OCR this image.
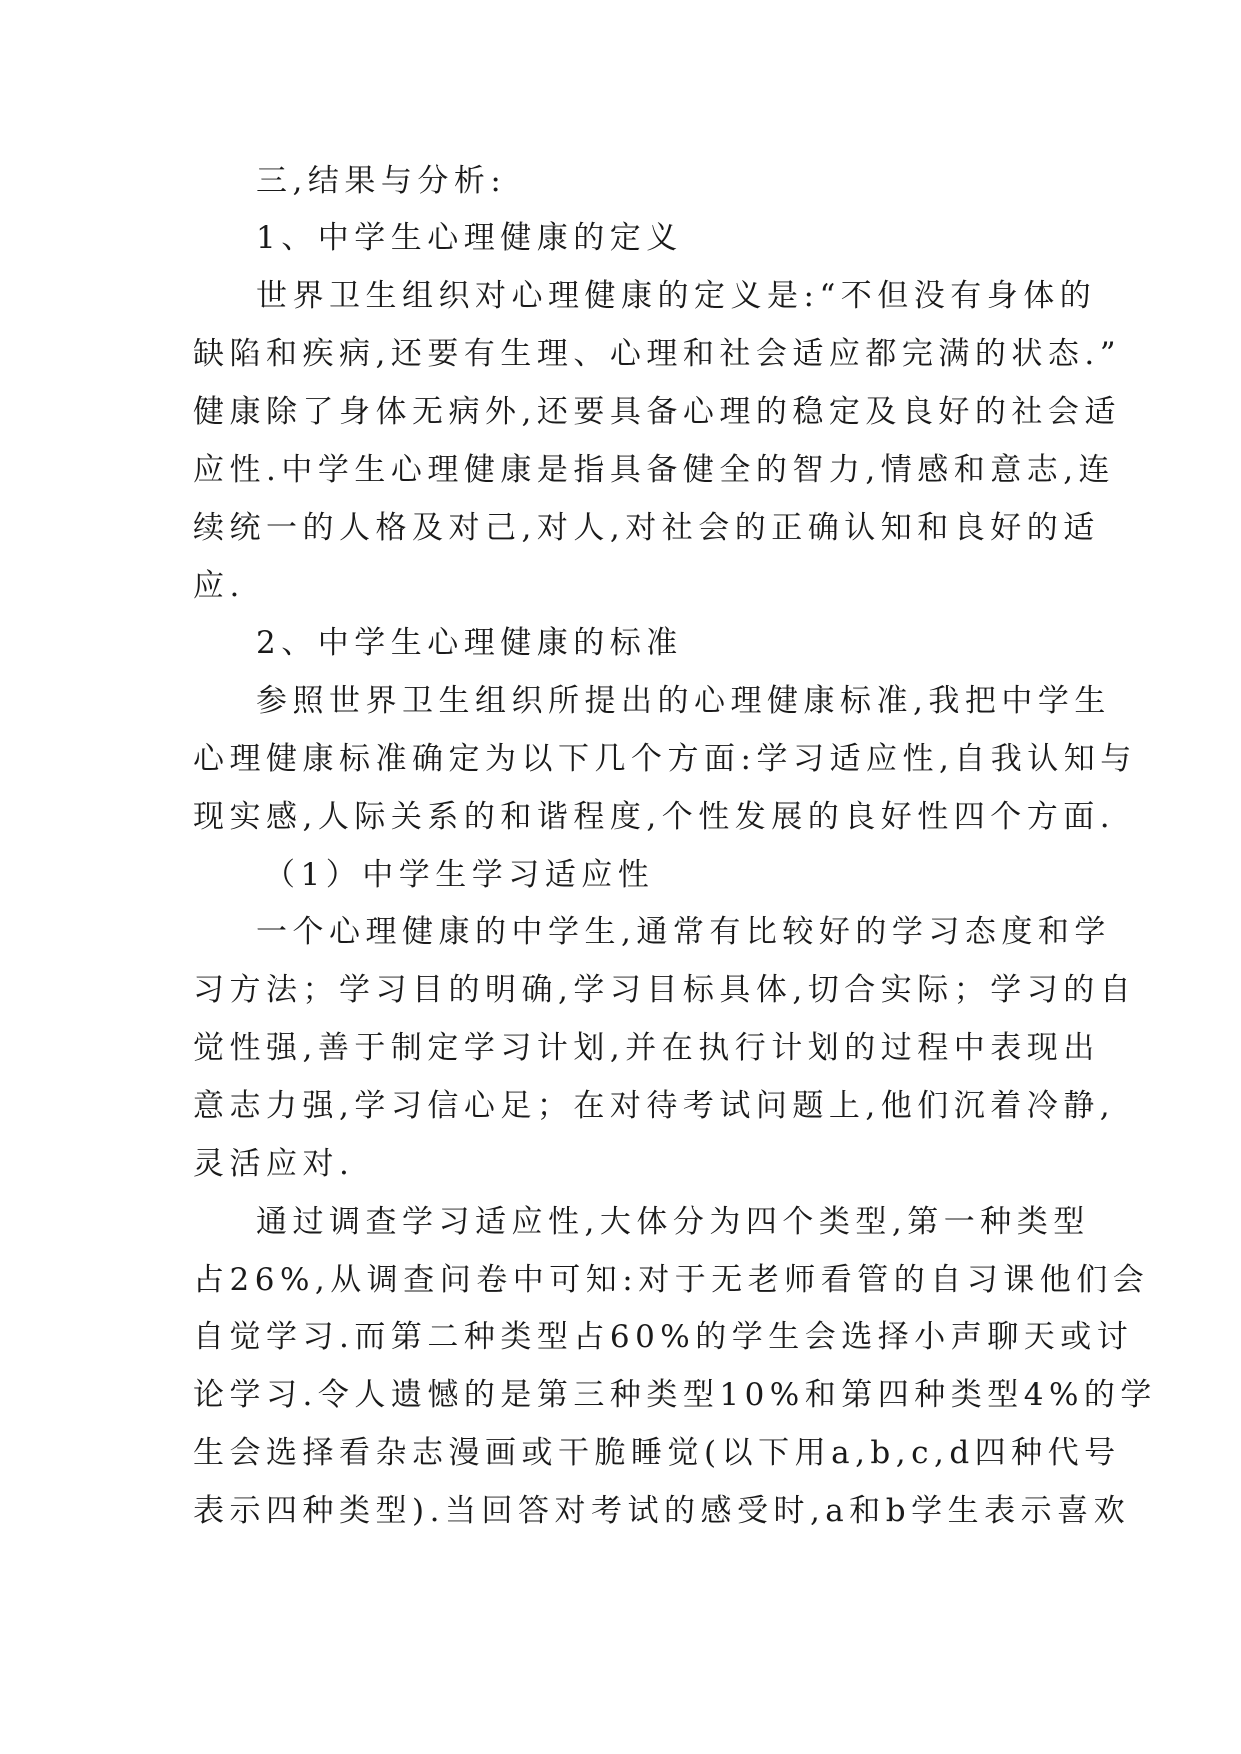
三,结果与分析:
1、中学生心理健康的定义
世界卫生组织对心理健康的定义是:“不但没有身体的
缺陷和疾病,还要有生理、心理和社会适应都完满的状态.”
健康除了身体无病外,还要具备心理的稳定及良好的社会适
应性.中学生心理健康是指具备健全的智力,情感和意志,连
续统一的人格及对己,对人,对社会的正确认知和良好的适
应.
2、中学生心理健康的标准
参照世界卫生组织所提出的心理健康标准,我把中学生
心理健康标准确定为以下几个方面:学习适应性,自我认知与
现实感,人际关系的和谐程度,个性发展的良好性四个方面.
（1）中学生学习适应性
一个心理健康的中学生,通常有比较好的学习态度和学
习方法；学习目的明确,学习目标具体,切合实际；学习的自
觉性强,善于制定学习计划,并在执行计划的过程中表现出
意志力强,学习信心足；在对待考试问题上,他们沉着冷静,
灵活应对.
通过调查学习适应性,大体分为四个类型,第一种类型
占26%,从调查问卷中可知:对于无老师看管的自习课他们会
自觉学习.而第二种类型占60%的学生会选择小声聊天或讨
论学习.令人遗憾的是第三种类型10%和第四种类型4%的学
生会选择看杂志漫画或干脆睡觉(以下用a,b,c,d四种代号
表示四种类型).当回答对考试的感受时,a和b学生表示喜欢
